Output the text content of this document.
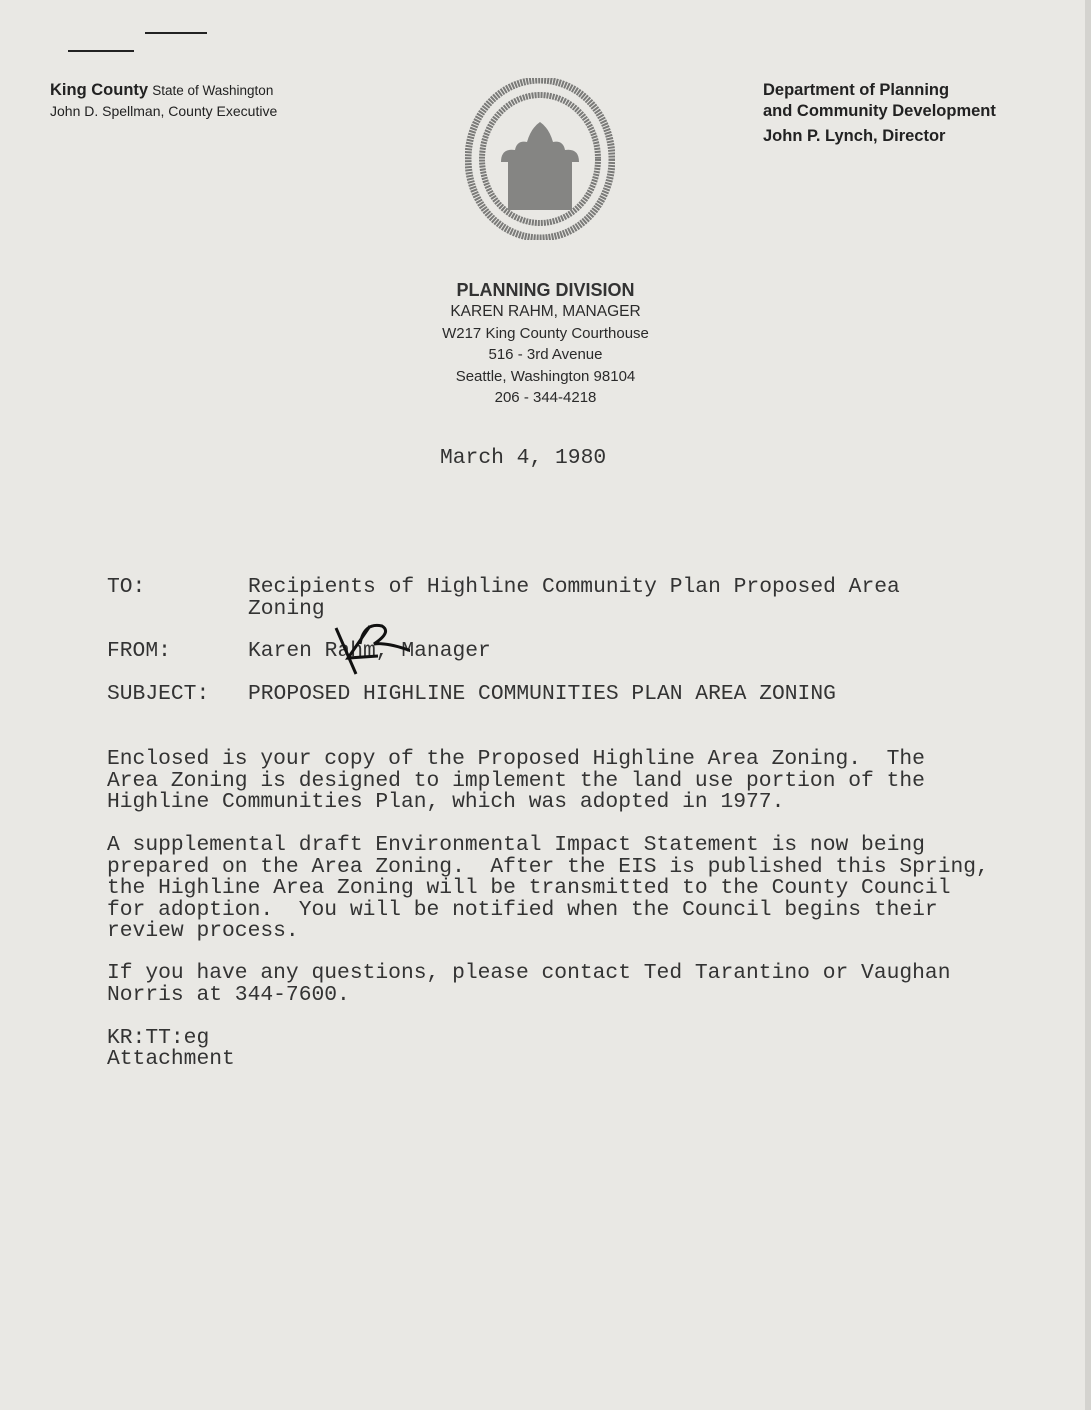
King County State of Washington
John D. Spellman, County Executive
Department of Planning
and Community Development
John P. Lynch, Director
PLANNING DIVISION
KAREN RAHM, MANAGER
W217 King County Courthouse
516 - 3rd Avenue
Seattle, Washington 98104
206 - 344-4218
March 4, 1980
TO:	Recipients of Highline Community Plan Proposed Area
Zoning
FROM:	Karen Rahm, Manager
SUBJECT: PROPOSED HIGHLINE COMMUNITIES PLAN AREA ZONING
Enclosed is your copy of the Proposed Highline Area Zoning.  The
Area Zoning is designed to implement the land use portion of the
Highline Communities Plan, which was adopted in 1977.
A supplemental draft Environmental Impact Statement is now being
prepared on the Area Zoning.  After the EIS is published this Spring,
the Highline Area Zoning will be transmitted to the County Council
for adoption.  You will be notified when the Council begins their
review process.
If you have any questions, please contact Ted Tarantino or Vaughan
Norris at 344-7600.
KR:TT:eg
Attachment
